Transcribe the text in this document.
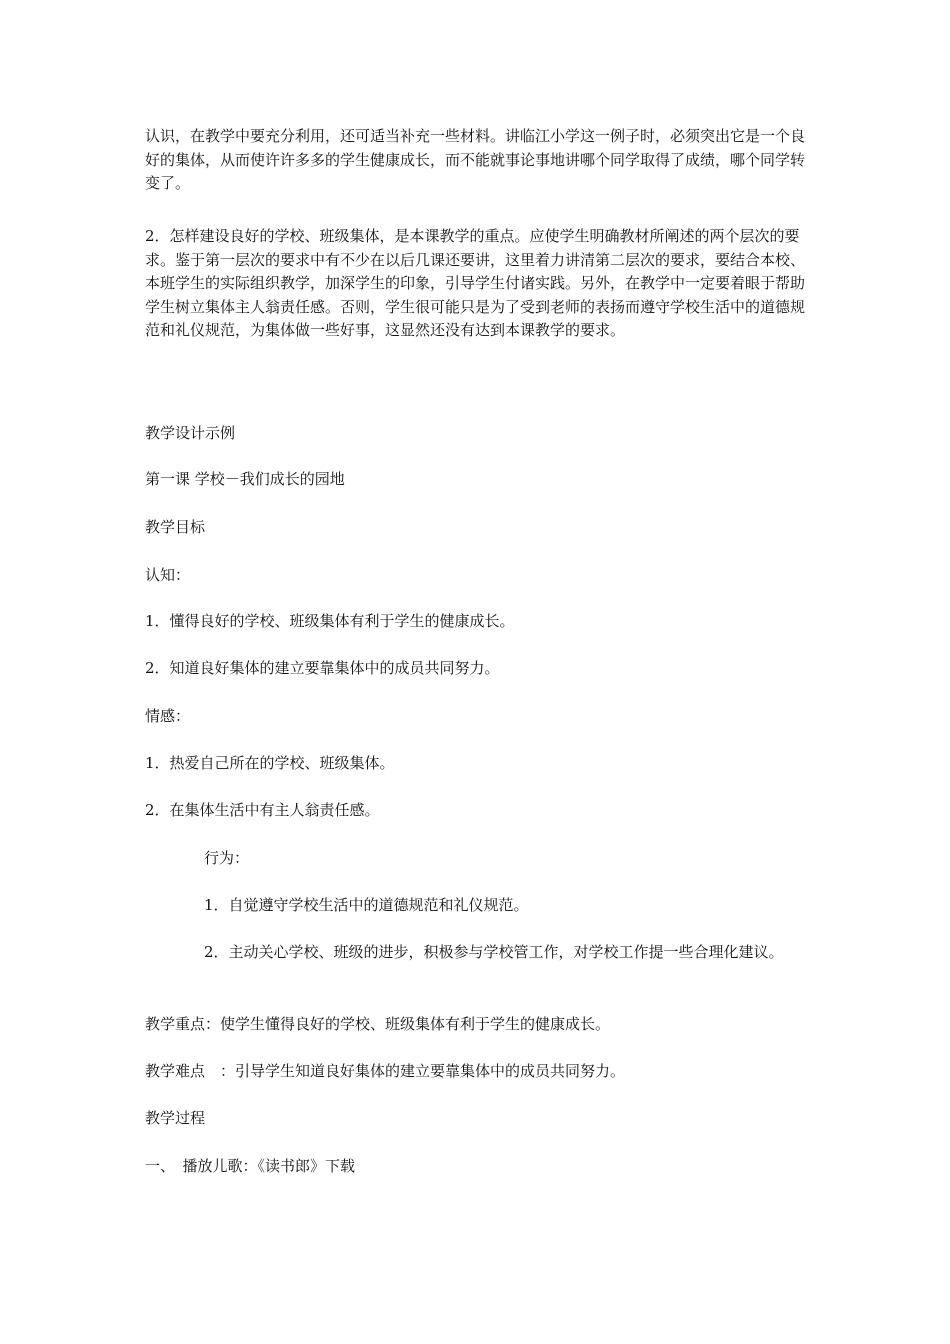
认识，在教学中要充分利用，还可适当补充一些材料。讲临江小学这一例子时，必须突出它是一个良好的集体，从而使许许多多的学生健康成长，而不能就事论事地讲哪个同学取得了成绩，哪个同学转变了。

2．怎样建设良好的学校、班级集体，是本课教学的重点。应使学生明确教材所阐述的两个层次的要求。鉴于第一层次的要求中有不少在以后几课还要讲，这里着力讲清第二层次的要求，要结合本校、本班学生的实际组织教学，加深学生的印象，引导学生付诸实践。另外，在教学中一定要着眼于帮助学生树立集体主人翁责任感。否则，学生很可能只是为了受到老师的表扬而遵守学校生活中的道德规范和礼仪规范，为集体做一些好事，这显然还没有达到本课教学的要求。

教学设计示例

第一课 学校－我们成长的园地

教学目标

认知：

1．懂得良好的学校、班级集体有利于学生的健康成长。

2．知道良好集体的建立要靠集体中的成员共同努力。

情感：

1．热爱自己所在的学校、班级集体。

2．在集体生活中有主人翁责任感。

行为：

1．自觉遵守学校生活中的道德规范和礼仪规范。

2．主动关心学校、班级的进步，积极参与学校管工作，对学校工作提一些合理化建议。

教学重点：使学生懂得良好的学校、班级集体有利于学生的健康成长。

教学难点　：引导学生知道良好集体的建立要靠集体中的成员共同努力。

教学过程

一、　播放儿歌：《读书郎》下载
